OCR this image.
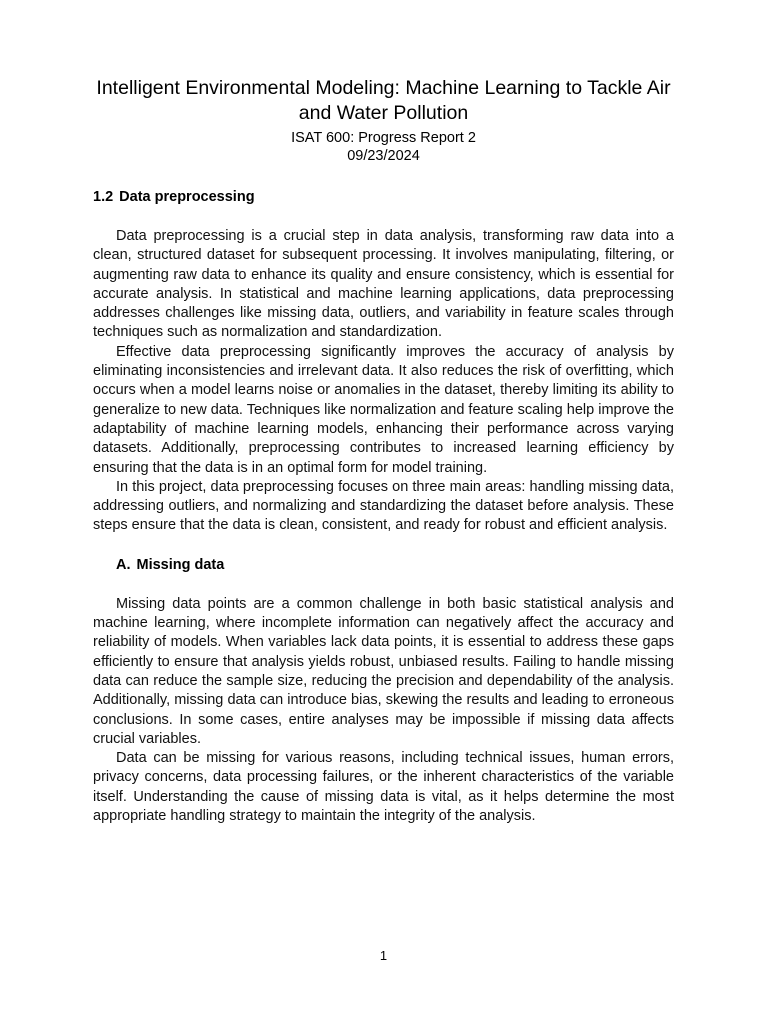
Intelligent Environmental Modeling: Machine Learning to Tackle Air and Water Pollution

ISAT 600: Progress Report 2

09/23/2024

1.2 Data preprocessing

Data preprocessing is a crucial step in data analysis, transforming raw data into a clean, structured dataset for subsequent processing. It involves manipulating, filtering, or augmenting raw data to enhance its quality and ensure consistency, which is essential for accurate analysis. In statistical and machine learning applications, data preprocessing addresses challenges like missing data, outliers, and variability in feature scales through techniques such as normalization and standardization.

Effective data preprocessing significantly improves the accuracy of analysis by eliminating inconsistencies and irrelevant data. It also reduces the risk of overfitting, which occurs when a model learns noise or anomalies in the dataset, thereby limiting its ability to generalize to new data. Techniques like normalization and feature scaling help improve the adaptability of machine learning models, enhancing their performance across varying datasets. Additionally, preprocessing contributes to increased learning efficiency by ensuring that the data is in an optimal form for model training.

In this project, data preprocessing focuses on three main areas: handling missing data, addressing outliers, and normalizing and standardizing the dataset before analysis. These steps ensure that the data is clean, consistent, and ready for robust and efficient analysis.

A. Missing data

Missing data points are a common challenge in both basic statistical analysis and machine learning, where incomplete information can negatively affect the accuracy and reliability of models. When variables lack data points, it is essential to address these gaps efficiently to ensure that analysis yields robust, unbiased results. Failing to handle missing data can reduce the sample size, reducing the precision and dependability of the analysis. Additionally, missing data can introduce bias, skewing the results and leading to erroneous conclusions. In some cases, entire analyses may be impossible if missing data affects crucial variables.

Data can be missing for various reasons, including technical issues, human errors, privacy concerns, data processing failures, or the inherent characteristics of the variable itself. Understanding the cause of missing data is vital, as it helps determine the most appropriate handling strategy to maintain the integrity of the analysis.

1
